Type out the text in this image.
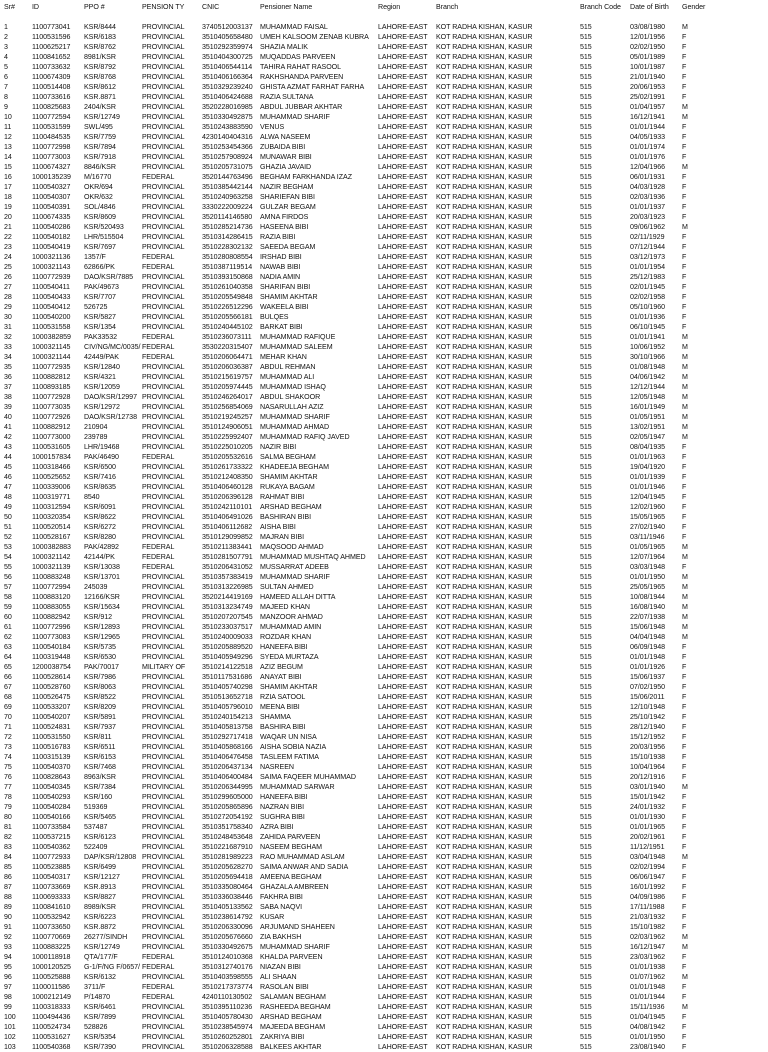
Sr#	ID	PPO #	PENSION TY	CNIC	Pensioner Name	Region	Branch	Branch Code	Date of Birth	Gender
1	1100773041	KSR/8444	PROVINCIAL	3740512003137	MUHAMMAD FAISAL	LAHORE-EAST	KOT RADHA KISHAN, KASUR	515	03/08/1980	M
2	1100531596	KSR/6183	PROVINCIAL	3510405658480	UMEH KALSOOM ZENAB KUBRA	LAHORE-EAST	KOT RADHA KISHAN, KASUR	515	12/01/1956	F
3	1100625217	KSR/8762	PROVINCIAL	3510292359974	SHAZIA MALIK	LAHORE-EAST	KOT RADHA KISHAN, KASUR	515	02/02/1950	F
4	1100841652	8981/KSR	PROVINCIAL	3510404300725	MUQADDAS PARVEEN	LAHORE-EAST	KOT RADHA KISHAN, KASUR	515	05/01/1989	F
5	1100733632	KSR/8792	PROVINCIAL	3510406544114	TAHIRA RAHAT RASOOL	LAHORE-EAST	KOT RADHA KISHAN, KASUR	515	10/01/1987	F
6	1100674309	KSR/8768	PROVINCIAL	3510406166364	RAKHSHANDA PARVEEN	LAHORE-EAST	KOT RADHA KISHAN, KASUR	515	21/01/1940	F
7	1100514408	KSR/8612	PROVINCIAL	3510329239240	GHISTA AZMAT FARHAT FARHA	LAHORE-EAST	KOT RADHA KISHAN, KASUR	515	20/06/1953	F
8	1100733616	KSR.8871	PROVINCIAL	3510406424688	RAZIA SULTANA	LAHORE-EAST	KOT RADHA KISHAN, KASUR	515	25/02/1991	F
9	1100825683	2404/KSR	PROVINCIAL	3520228016985	ABDUL JUBBAR AKHTAR	LAHORE-EAST	KOT RADHA KISHAN, KASUR	515	01/04/1957	M
10	1100772594	KSR/12749	PROVINCIAL	3510330492875	MUHAMMAD SHARIF	LAHORE-EAST	KOT RADHA KISHAN, KASUR	515	16/12/1941	M
11	1100531599	SWL/495	PROVINCIAL	3510243883590	VENUS	LAHORE-EAST	KOT RADHA KISHAN, KASUR	515	01/01/1944	F
12	1100484535	KSR/7759	PROVINCIAL	4230140404316	ALWA NASEEM	LAHORE-EAST	KOT RADHA KISHAN, KASUR	515	04/05/1933	F
13	1100772998	KSR/7894	PROVINCIAL	3510253454366	ZUBAIDA BIBI	LAHORE-EAST	KOT RADHA KISHAN, KASUR	515	01/01/1974	F
14	1100773003	KSR/7918	PROVINCIAL	3510257908924	MUNAWAR BIBI	LAHORE-EAST	KOT RADHA KISHAN, KASUR	515	01/01/1976	F
15	1100674327	8846/KSR	PROVINCIAL	3510205731075	GHAZIA JAVAID	LAHORE-EAST	KOT RADHA KISHAN, KASUR	515	12/04/1966	M
16	1000135239	M/16770	FEDERAL	3520144763496	BEGHAM FARKHANDA IZAZ	LAHORE-EAST	KOT RADHA KISHAN, KASUR	515	06/01/1931	F
17	1100540327	OKR/694	PROVINCIAL	3510385442144	NAZIR BEGHAM	LAHORE-EAST	KOT RADHA KISHAN, KASUR	515	04/03/1928	F
18	1100540307	OKR/632	PROVINCIAL	3510240963258	SHARIEFAN BIBI	LAHORE-EAST	KOT RADHA KISHAN, KASUR	515	02/03/1936	F
19	1100540391	SOL/4846	PROVINCIAL	3330222009224	GULZAR BEGAM	LAHORE-EAST	KOT RADHA KISHAN, KASUR	515	01/01/1937	F
20	1100674335	KSR/8609	PROVINCIAL	3520114146580	AMNA FIRDOS	LAHORE-EAST	KOT RADHA KISHAN, KASUR	515	20/03/1923	F
21	1100540286	KSR/520493	PROVINCIAL	3510285214736	HASEENA BIBI	LAHORE-EAST	KOT RADHA KISHAN, KASUR	515	09/06/1962	M
22	1100540182	LHR/515504	PROVINCIAL	3510314286415	RAZIA BIBI	LAHORE-EAST	KOT RADHA KISHAN, KASUR	515	02/11/1929	F
23	1100540419	KSR/7697	PROVINCIAL	3510228302132	SAEEDA BEGAM	LAHORE-EAST	KOT RADHA KISHAN, KASUR	515	07/12/1944	F
24	1000321136	1357/F	FEDERAL	3510280808554	IRSHAD BIBI	LAHORE-EAST	KOT RADHA KISHAN, KASUR	515	03/12/1973	F
25	1000321143	62866/PK	FEDERAL	3510387119514	NAWAB BIBI	LAHORE-EAST	KOT RADHA KISHAN, KASUR	515	01/01/1954	F
26	1100772939	DAO/KSR/7885	PROVINCIAL	3510393150868	NADIA AMIN	LAHORE-EAST	KOT RADHA KISHAN, KASUR	515	25/12/1983	F
27	1100540411	PAK/49673	PROVINCIAL	3510261040358	SHARIFAN BIBI	LAHORE-EAST	KOT RADHA KISHAN, KASUR	515	02/01/1945	F
28	1100540433	KSR/7707	PROVINCIAL	3510205549848	SHAMIM AKHTAR	LAHORE-EAST	KOT RADHA KISHAN, KASUR	515	02/02/1958	F
29	1100540412	526725	PROVINCIAL	3510226512296	WAKEELA BIBI	LAHORE-EAST	KOT RADHA KISHAN, KASUR	515	05/10/1960	F
30	1100540200	KSR/5827	PROVINCIAL	3510205566181	BULQES	LAHORE-EAST	KOT RADHA KISHAN, KASUR	515	01/01/1936	F
31	1100531558	KSR/1354	PROVINCIAL	3510240445102	BARKAT BIBI	LAHORE-EAST	KOT RADHA KISHAN, KASUR	515	06/10/1945	F
32	1000382859	PAK33532	FEDERAL	3510236073111	MUHAMMAD RAFIQUE	LAHORE-EAST	KOT RADHA KISHAN, KASUR	515	01/01/1941	M
33	1000321145	CIV/NG/MC/0035/	FEDERAL	3530220315407	MUHAMMAD SALEEM	LAHORE-EAST	KOT RADHA KISHAN, KASUR	515	10/06/1952	M
34	1000321144	42449/PAK	FEDERAL	3510206064471	MEHAR KHAN	LAHORE-EAST	KOT RADHA KISHAN, KASUR	515	30/10/1966	M
35	1100772935	KSR/12840	PROVINCIAL	3510206036387	ABDUL REHMAN	LAHORE-EAST	KOT RADHA KISHAN, KASUR	515	01/08/1948	M
36	1100882812	KSR/4321	PROVINCIAL	3510215619757	MUHAMMAD ALI	LAHORE-EAST	KOT RADHA KISHAN, KASUR	515	04/06/1942	M
37	1100893185	KSR/12059	PROVINCIAL	3510205974445	MUHAMMAD ISHAQ	LAHORE-EAST	KOT RADHA KISHAN, KASUR	515	12/12/1944	M
38	1100772928	DAO/KSR/12997	PROVINCIAL	3510246264017	ABDUL SHAKOOR	LAHORE-EAST	KOT RADHA KISHAN, KASUR	515	12/05/1948	M
39	1100773035	KSR/12972	PROVINCIAL	3510256854069	NASARULLAH AZIZ	LAHORE-EAST	KOT RADHA KISHAN, KASUR	515	16/01/1949	M
40	1100772926	DAO/KSR/12738	PROVINCIAL	3510219245257	MUHAMMAD SHARIF	LAHORE-EAST	KOT RADHA KISHAN, KASUR	515	01/05/1951	M
41	1100882912	210904	PROVINCIAL	3510124906051	MUHAMMAD AHMAD	LAHORE-EAST	KOT RADHA KISHAN, KASUR	515	13/02/1951	M
42	1100773000	239789	PROVINCIAL	3510225992407	MUHAMMAD RAFIQ JAVED	LAHORE-EAST	KOT RADHA KISHAN, KASUR	515	02/05/1947	M
43	1100531605	LHR/19468	PROVINCIAL	3510225010205	NAZIR BIBI	LAHORE-EAST	KOT RADHA KISHAN, KASUR	515	08/04/1935	F
44	1000157834	PAK/46490	FEDERAL	3510205532616	SALMA BEGHAM	LAHORE-EAST	KOT RADHA KISHAN, KASUR	515	01/01/1963	F
45	1100318466	KSR/6500	PROVINCIAL	3510261733322	KHADEEJA BEGHAM	LAHORE-EAST	KOT RADHA KISHAN, KASUR	515	19/04/1920	F
46	1100525652	KSR/7416	PROVINCIAL	3510212408350	SHAMIM AKHTAR	LAHORE-EAST	KOT RADHA KISHAN, KASUR	515	01/01/1939	F
47	1100339006	KSR/8635	PROVINCIAL	3510406460128	RUKAYA BAGAM	LAHORE-EAST	KOT RADHA KISHAN, KASUR	515	01/01/1946	F
48	1100319771	8540	PROVINCIAL	3510206396128	RAHMAT BIBI	LAHORE-EAST	KOT RADHA KISHAN, KASUR	515	12/04/1945	F
49	1100312594	KSR/6091	PROVINCIAL	3510242110101	ARSHAD BEGHAM	LAHORE-EAST	KOT RADHA KISHAN, KASUR	515	12/02/1960	F
50	1100320354	KSR/8622	PROVINCIAL	3510406491026	BASHIRAN BIBI	LAHORE-EAST	KOT RADHA KISHAN, KASUR	515	15/05/1965	F
51	1100520514	KSR/6272	PROVINCIAL	3510406112682	AISHA BIBI	LAHORE-EAST	KOT RADHA KISHAN, KASUR	515	27/02/1940	F
52	1100528167	KSR/8280	PROVINCIAL	3510129099852	MAJRAN BIBI	LAHORE-EAST	KOT RADHA KISHAN, KASUR	515	03/11/1946	F
53	1000382883	PAK/42892	FEDERAL	3510211383441	MAQSOOD AHMAD	LAHORE-EAST	KOT RADHA KISHAN, KASUR	515	01/05/1965	M
54	1000321142	42144/PK	FEDERAL	3510281507791	MUHAMMAD MUSHTAQ AHMED	LAHORE-EAST	KOT RADHA KISHAN, KASUR	515	12/07/1964	M
55	1000321139	KSR/13038	FEDERAL	3510206431052	MUSSARRAT ADEEB	LAHORE-EAST	KOT RADHA KISHAN, KASUR	515	03/03/1948	F
56	1100883248	KSR/13701	PROVINCIAL	3510357383419	MUHAMMAD SHARIF	LAHORE-EAST	KOT RADHA KISHAN, KASUR	515	01/01/1950	M
57	1100772994	245039	PROVINCIAL	3510313226985	SULTAN AHMED	LAHORE-EAST	KOT RADHA KISHAN, KASUR	515	25/05/1965	M
58	1100883120	12166/KSR	PROVINCIAL	3520214419169	HAMEED ALLAH DITTA	LAHORE-EAST	KOT RADHA KISHAN, KASUR	515	10/08/1944	M
59	1100883055	KSR/15634	PROVINCIAL	3510313234749	MAJEED KHAN	LAHORE-EAST	KOT RADHA KISHAN, KASUR	515	16/08/1940	M
60	1100882942	KSR/912	PROVINCIAL	3510207207545	MANZOOR AHMAD	LAHORE-EAST	KOT RADHA KISHAN, KASUR	515	22/07/1938	M
61	1100772996	KSR/12893	PROVINCIAL	3510233037517	MUHAMMAD AMIN	LAHORE-EAST	KOT RADHA KISHAN, KASUR	515	15/06/1948	M
62	1100773083	KSR/12965	PROVINCIAL	3510240009033	ROZDAR KHAN	LAHORE-EAST	KOT RADHA KISHAN, KASUR	515	04/04/1948	M
63	1100540184	KSR/5735	PROVINCIAL	3510205889520	HANEEFA BIBI	LAHORE-EAST	KOT RADHA KISHAN, KASUR	515	06/09/1948	F
64	1100319448	KSR/6530	PROVINCIAL	3510405949296	SYEDA MURTAZA	LAHORE-EAST	KOT RADHA KISHAN, KASUR	515	01/01/1948	F
65	1200038754	PAK/70017	MILITARY OF	3510214122518	AZIZ BEGUM	LAHORE-EAST	KOT RADHA KISHAN, KASUR	515	01/01/1926	F
66	1100528614	KSR/7986	PROVINCIAL	3510117531686	ANAYAT BIBI	LAHORE-EAST	KOT RADHA KISHAN, KASUR	515	15/06/1937	F
67	1100528760	KSR/8063	PROVINCIAL	3510405740298	SHAMIM AKHTAR	LAHORE-EAST	KOT RADHA KISHAN, KASUR	515	07/02/1950	F
68	1100526475	KSR/8522	PROVINCIAL	3510513652718	RZIA SATOOL	LAHORE-EAST	KOT RADHA KISHAN, KASUR	515	15/06/2011	F
69	1100533207	KSR/8209	PROVINCIAL	3510405796010	MEENA BIBI	LAHORE-EAST	KOT RADHA KISHAN, KASUR	515	12/10/1948	F
70	1100540207	KSR/5891	PROVINCIAL	3510240154213	SHAMMA	LAHORE-EAST	KOT RADHA KISHAN, KASUR	515	25/10/1942	F
71	1100524831	KSR/7937	PROVINCIAL	3510405813758	BASHIRA BIBI	LAHORE-EAST	KOT RADHA KISHAN, KASUR	515	28/12/1940	F
72	1100531550	KSR/811	PROVINCIAL	3510292717418	WAQAR UN NISA	LAHORE-EAST	KOT RADHA KISHAN, KASUR	515	15/12/1952	F
73	1100516783	KSR/6511	PROVINCIAL	3510405868166	AISHA SOBIA NAZIA	LAHORE-EAST	KOT RADHA KISHAN, KASUR	515	20/03/1956	F
74	1100315139	KSR/6153	PROVINCIAL	3510406476458	TASLEEM FATIMA	LAHORE-EAST	KOT RADHA KISHAN, KASUR	515	15/10/1938	F
75	1100540370	KSR/7468	PROVINCIAL	3510206437134	NASREEN	LAHORE-EAST	KOT RADHA KISHAN, KASUR	515	10/04/1964	F
76	1100828643	8963/KSR	PROVINCIAL	3510406400484	SAIMA FAQEER MUHAMMAD	LAHORE-EAST	KOT RADHA KISHAN, KASUR	515	20/12/1916	F
77	1100540345	KSR/7384	PROVINCIAL	3510206344995	MUHAMMAD SARWAR	LAHORE-EAST	KOT RADHA KISHAN, KASUR	515	03/01/1940	M
78	1100540293	KSR/160	PROVINCIAL	3510299605000	HANEEFA BIBI	LAHORE-EAST	KOT RADHA KISHAN, KASUR	515	15/01/1942	F
79	1100540284	519369	PROVINCIAL	3510205865896	NAZRAN BIBI	LAHORE-EAST	KOT RADHA KISHAN, KASUR	515	24/01/1932	F
80	1100540166	KSR/5465	PROVINCIAL	3510272054192	SUGHRA BIBI	LAHORE-EAST	KOT RADHA KISHAN, KASUR	515	01/01/1930	F
81	1100733584	537487	PROVINCIAL	3510351758340	AZRA BIBI	LAHORE-EAST	KOT RADHA KISHAN, KASUR	515	01/01/1965	F
82	1100537215	KSR/6123	PROVINCIAL	3510248453648	ZAHIDA PARVEEN	LAHORE-EAST	KOT RADHA KISHAN, KASUR	515	20/02/1961	F
83	1100540362	522409	PROVINCIAL	3510221687910	NASEEM BEGHAM	LAHORE-EAST	KOT RADHA KISHAN, KASUR	515	11/12/1951	F
84	1100772933	DAP/KSR/12808	PROVINCIAL	3510281989223	RAO MUHAMMAD ASLAM	LAHORE-EAST	KOT RADHA KISHAN, KASUR	515	03/04/1948	M
85	1100523885	KSR/6499	PROVINCIAL	3510205628270	SAIMA ANWAR AND SADIA	LAHORE-EAST	KOT RADHA KISHAN, KASUR	515	02/02/1994	F
86	1100540317	KSR/12127	PROVINCIAL	3510205694418	AMEENA BEGHAM	LAHORE-EAST	KOT RADHA KISHAN, KASUR	515	06/06/1947	F
87	1100733669	KSR.8913	PROVINCIAL	3510335080464	GHAZALA AMBREEN	LAHORE-EAST	KOT RADHA KISHAN, KASUR	515	16/01/1992	F
88	1100693333	KSR/8827	PROVINCIAL	3510336038446	FAKHRA BIBI	LAHORE-EAST	KOT RADHA KISHAN, KASUR	515	04/09/1986	F
89	1100841610	8989/KSR	PROVINCIAL	3510405133562	SABA NAQVI	LAHORE-EAST	KOT RADHA KISHAN, KASUR	515	17/11/1988	F
90	1100532942	KSR/6223	PROVINCIAL	3510238614792	KUSAR	LAHORE-EAST	KOT RADHA KISHAN, KASUR	515	21/03/1932	F
91	1100733650	KSR.8872	PROVINCIAL	3510206330096	ARJUMAND SHAHEEN	LAHORE-EAST	KOT RADHA KISHAN, KASUR	515	15/10/1982	F
92	1100770669	26277/SINDH	PROVINCIAL	3510205676660	ZIA BAKHSH	LAHORE-EAST	KOT RADHA KISHAN, KASUR	515	02/03/1962	M
93	1100883225	KSR/12749	PROVINCIAL	3510330492675	MUHAMMAD SHARIF	LAHORE-EAST	KOT RADHA KISHAN, KASUR	515	16/12/1947	M
94	1000118918	QTA/177/F	FEDERAL	3510124010368	KHALDA PARVEEN	LAHORE-EAST	KOT RADHA KISHAN, KASUR	515	23/03/1962	F
95	1000120525	G-1/F/NG F/0657/	FEDERAL	3510312740176	NIAZAN BIBI	LAHORE-EAST	KOT RADHA KISHAN, KASUR	515	01/01/1938	F
96	1100525888	KSR/6132	PROVINCIAL	3510403598555	ALI SHAAN	LAHORE-EAST	KOT RADHA KISHAN, KASUR	515	01/07/1962	M
97	1100011586	3711/F	FEDERAL	3510217373774	RASOLAN BIBI	LAHORE-EAST	KOT RADHA KISHAN, KASUR	515	01/01/1948	F
98	1000212149	P/14870	FEDERAL	4240110130502	SALAMAN BEGHAM	LAHORE-EAST	KOT RADHA KISHAN, KASUR	515	01/01/1944	F
99	1100318333	KSR/6461	PROVINCIAL	3510395110236	RASHEEDA BEGHAM	LAHORE-EAST	KOT RADHA KISHAN, KASUR	515	15/11/1936	M
100	1100494436	KSR/7899	PROVINCIAL	3510405780430	ARSHAD BEGHAM	LAHORE-EAST	KOT RADHA KISHAN, KASUR	515	01/04/1945	F
101	1100524734	528826	PROVINCIAL	3510238545974	MAJEEDA BEGHAM	LAHORE-EAST	KOT RADHA KISHAN, KASUR	515	04/08/1942	F
102	1100531627	KSR/5354	PROVINCIAL	3510260252801	ZAKRIYA BIBI	LAHORE-EAST	KOT RADHA KISHAN, KASUR	515	01/01/1950	F
103	1100540368	KSR/7390	PROVINCIAL	3510206328588	BALKEES AKHTAR	LAHORE-EAST	KOT RADHA KISHAN, KASUR	515	23/08/1940	F
